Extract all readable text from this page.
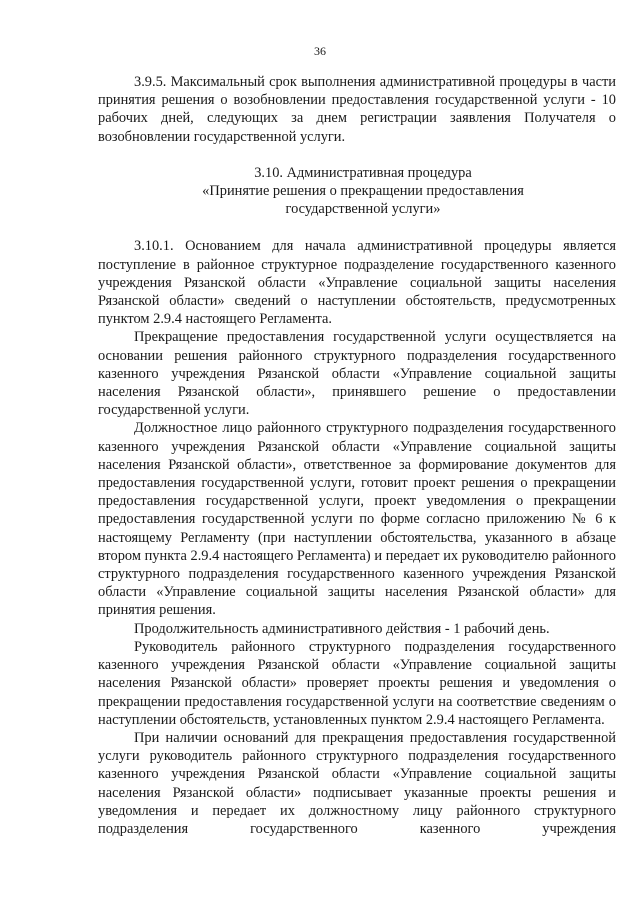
36

3.9.5. Максимальный срок выполнения административной процедуры в части принятия решения о возобновлении предоставления государственной услуги - 10 рабочих дней, следующих за днем регистрации заявления Получателя о возобновлении государственной услуги.

3.10. Административная процедура
«Принятие решения о прекращении предоставления
государственной услуги»

3.10.1. Основанием для начала административной процедуры является поступление в районное структурное подразделение государственного казенного учреждения Рязанской области «Управление социальной защиты населения Рязанской области» сведений о наступлении обстоятельств, предусмотренных пунктом 2.9.4 настоящего Регламента.

Прекращение предоставления государственной услуги осуществляется на основании решения районного структурного подразделения государственного казенного учреждения Рязанской области «Управление социальной защиты населения Рязанской области», принявшего решение о предоставлении государственной услуги.

Должностное лицо районного структурного подразделения государственного казенного учреждения Рязанской области «Управление социальной защиты населения Рязанской области», ответственное за формирование документов для предоставления государственной услуги, готовит проект решения о прекращении предоставления государственной услуги, проект уведомления о прекращении предоставления государственной услуги по форме согласно приложению № 6 к настоящему Регламенту (при наступлении обстоятельства, указанного в абзаце втором пункта 2.9.4 настоящего Регламента) и передает их руководителю районного структурного подразделения государственного казенного учреждения Рязанской области «Управление социальной защиты населения Рязанской области» для принятия решения.

Продолжительность административного действия - 1 рабочий день.

Руководитель районного структурного подразделения государственного казенного учреждения Рязанской области «Управление социальной защиты населения Рязанской области» проверяет проекты решения и уведомления о прекращении предоставления государственной услуги на соответствие сведениям о наступлении обстоятельств, установленных пунктом 2.9.4 настоящего Регламента.

При наличии оснований для прекращения предоставления государственной услуги руководитель районного структурного подразделения государственного казенного учреждения Рязанской области «Управление социальной защиты населения Рязанской области» подписывает указанные проекты решения и уведомления и передает их должностному лицу районного структурного подразделения государственного казенного учреждения
